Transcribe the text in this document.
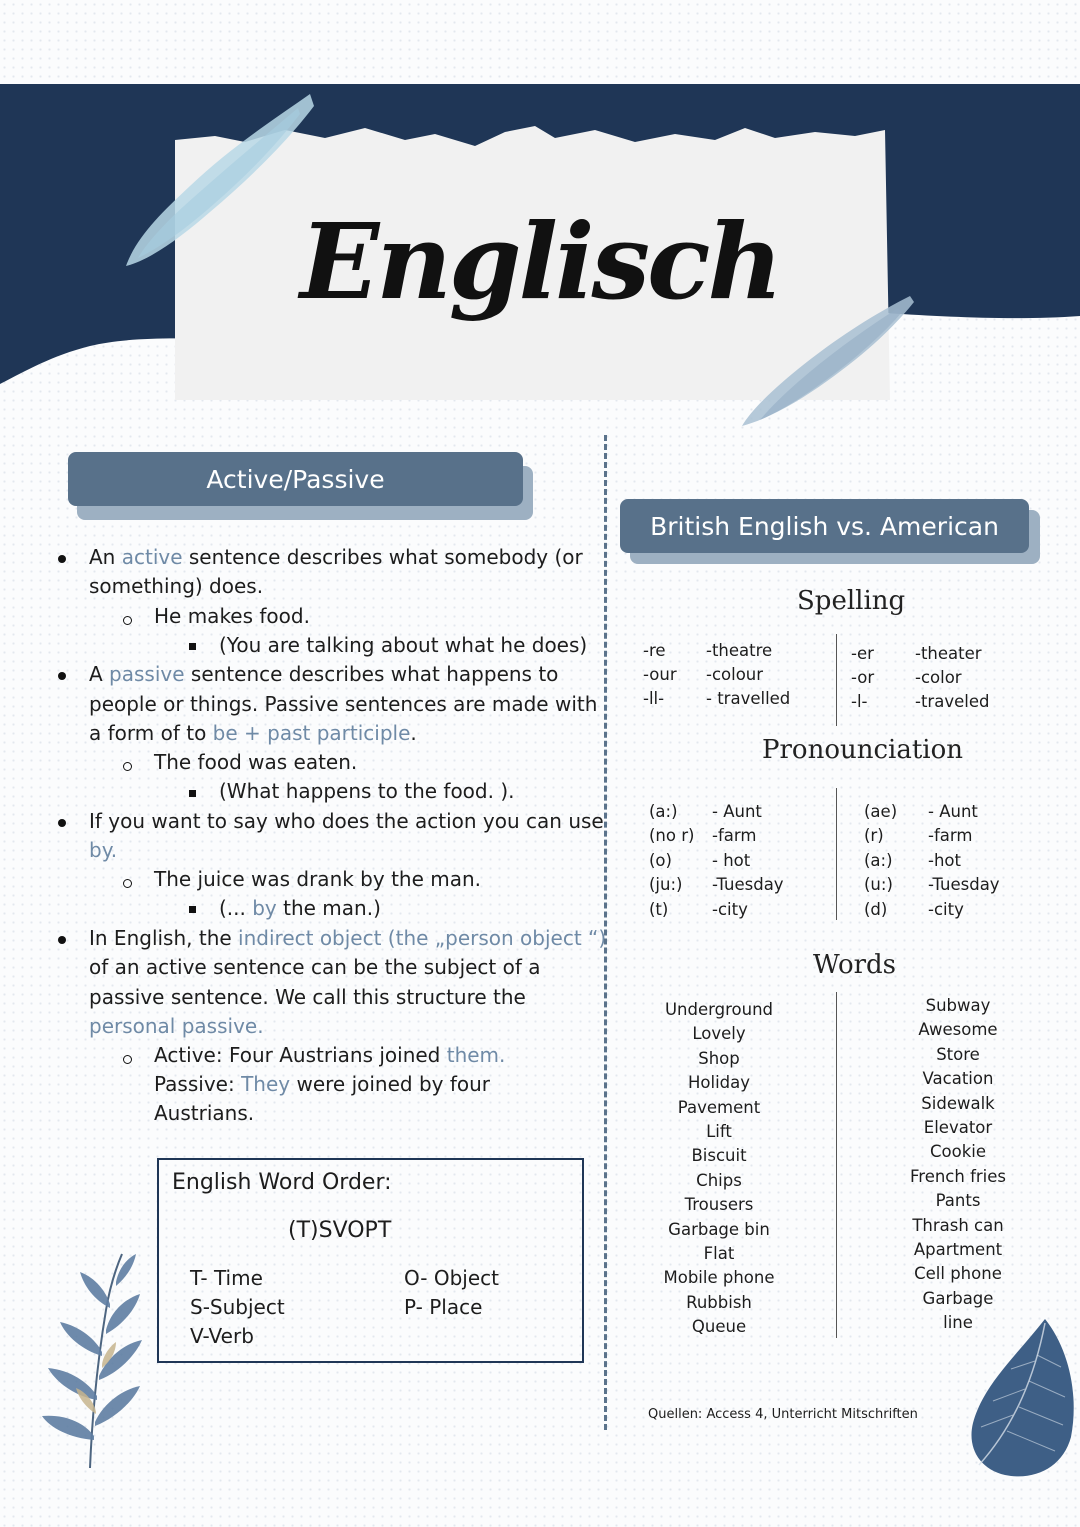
Englisch
Active/Passive
An active sentence describes what somebody (or
something) does.
He makes food.
(You are talking about what he does)
A passive sentence describes what happens to
people or things. Passive sentences are made with
a form of to be + past participle.
The food was eaten.
(What happens to the food. ).
If you want to say who does the action you can use
by.
The juice was drank by the man.
(... by the man.)
In English, the indirect object (the „person object “)
of an active sentence can be the subject of a
passive sentence. We call this structure the
personal passive.
Active: Four Austrians joined them.
Passive: They were joined by four
Austrians.
English Word Order:
(T)SVOPT
T- Time
S-Subject
V-Verb
O- Object
P- Place
British English vs. American
Spelling
-re
-our
-ll-
-theatre
-colour
- travelled
-er
-or
-l-
-theater
-color
-traveled
Pronounciation
(a:)
(no r)
(o)
(ju:)
(t)
- Aunt
-farm
- hot
-Tuesday
-city
(ae)
(r)
(a:)
(u:)
(d)
- Aunt
-farm
-hot
-Tuesday
-city
Words
Underground
Lovely
Shop
Holiday
Pavement
Lift
Biscuit
Chips
Trousers
Garbage bin
Flat
Mobile phone
Rubbish
Queue
Subway
Awesome
Store
Vacation
Sidewalk
Elevator
Cookie
French fries
Pants
Thrash can
Apartment
Cell phone
Garbage
line
Quellen: Access 4, Unterricht Mitschriften
